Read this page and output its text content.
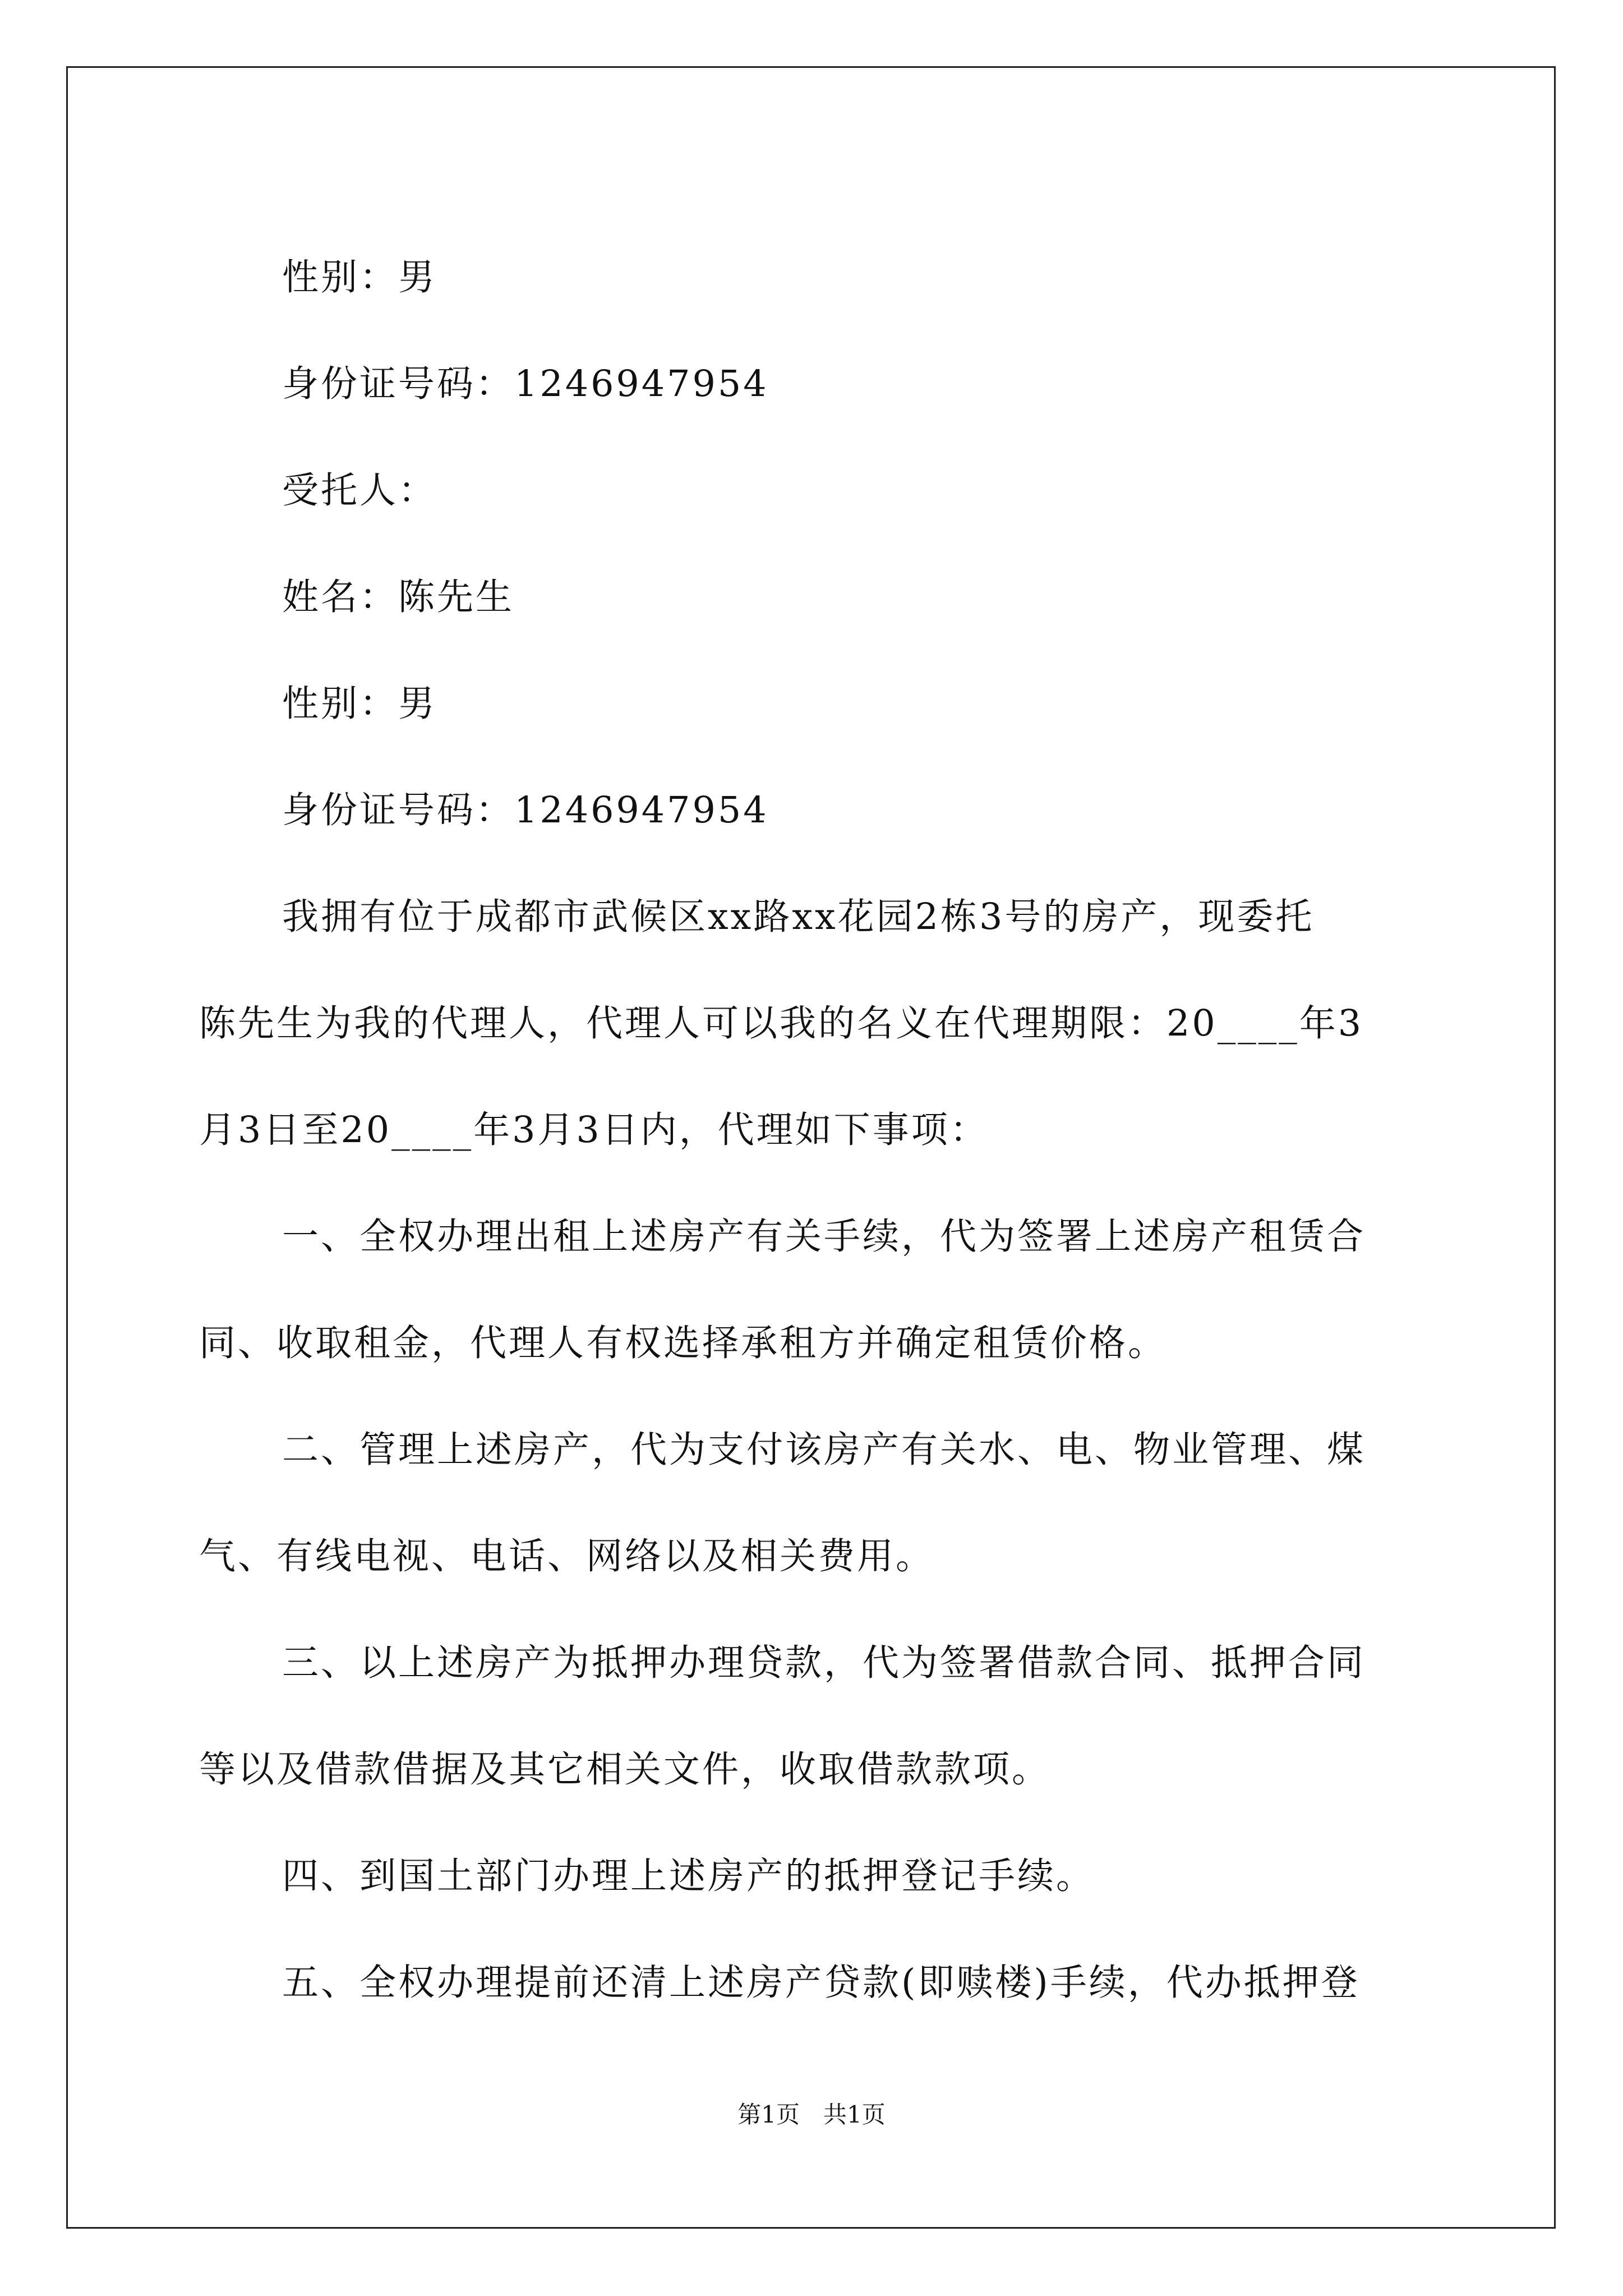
性别：男
身份证号码：1246947954
受托人：
姓名：陈先生
性别：男
身份证号码：1246947954
我拥有位于成都市武候区xx路xx花园2栋3号的房产，现委托
陈先生为我的代理人，代理人可以我的名义在代理期限：20____年3
月3日至20____年3月3日内，代理如下事项：
一、全权办理出租上述房产有关手续，代为签署上述房产租赁合
同、收取租金，代理人有权选择承租方并确定租赁价格。
二、管理上述房产，代为支付该房产有关水、电、物业管理、煤
气、有线电视、电话、网络以及相关费用。
三、以上述房产为抵押办理贷款，代为签署借款合同、抵押合同
等以及借款借据及其它相关文件，收取借款款项。
四、到国土部门办理上述房产的抵押登记手续。
五、全权办理提前还清上述房产贷款(即赎楼)手续，代办抵押登
第1页　共1页
